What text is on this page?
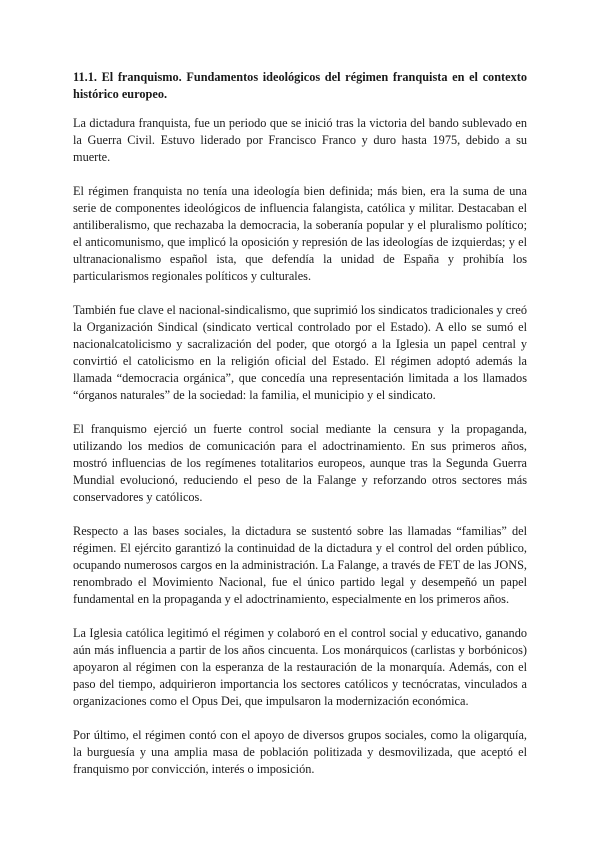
11.1. El franquismo. Fundamentos ideológicos del régimen franquista en el contexto histórico europeo.

La dictadura franquista, fue un periodo que se inició tras la victoria del bando sublevado en la Guerra Civil. Estuvo liderado por Francisco Franco y duro hasta 1975, debido a su muerte.

El régimen franquista no tenía una ideología bien definida; más bien, era la suma de una serie de componentes ideológicos de influencia falangista, católica y militar. Destacaban el antiliberalismo, que rechazaba la democracia, la soberanía popular y el pluralismo político; el anticomunismo, que implicó la oposición y represión de las ideologías de izquierdas; y el ultranacionalismo español ista, que defendía la unidad de España y prohibía los particularismos regionales políticos y culturales.

También fue clave el nacional-sindicalismo, que suprimió los sindicatos tradicionales y creó la Organización Sindical (sindicato vertical controlado por el Estado). A ello se sumó el nacionalcatolicismo y sacralización del poder, que otorgó a la Iglesia un papel central y convirtió el catolicismo en la religión oficial del Estado. El régimen adoptó además la llamada “democracia orgánica”, que concedía una representación limitada a los llamados “órganos naturales” de la sociedad: la familia, el municipio y el sindicato.

El franquismo ejerció un fuerte control social mediante la censura y la propaganda, utilizando los medios de comunicación para el adoctrinamiento. En sus primeros años, mostró influencias de los regímenes totalitarios europeos, aunque tras la Segunda Guerra Mundial evolucionó, reduciendo el peso de la Falange y reforzando otros sectores más conservadores y católicos.

Respecto a las bases sociales, la dictadura se sustentó sobre las llamadas “familias” del régimen. El ejército garantizó la continuidad de la dictadura y el control del orden público, ocupando numerosos cargos en la administración. La Falange, a través de FET de las JONS, renombrado el Movimiento Nacional, fue el único partido legal y desempeñó un papel fundamental en la propaganda y el adoctrinamiento, especialmente en los primeros años.

La Iglesia católica legitimó el régimen y colaboró en el control social y educativo, ganando aún más influencia a partir de los años cincuenta. Los monárquicos (carlistas y borbónicos) apoyaron al régimen con la esperanza de la restauración de la monarquía. Además, con el paso del tiempo, adquirieron importancia los sectores católicos y tecnócratas, vinculados a organizaciones como el Opus Dei, que impulsaron la modernización económica.

Por último, el régimen contó con el apoyo de diversos grupos sociales, como la oligarquía, la burguesía y una amplia masa de población politizada y desmovilizada, que aceptó el franquismo por convicción, interés o imposición.
